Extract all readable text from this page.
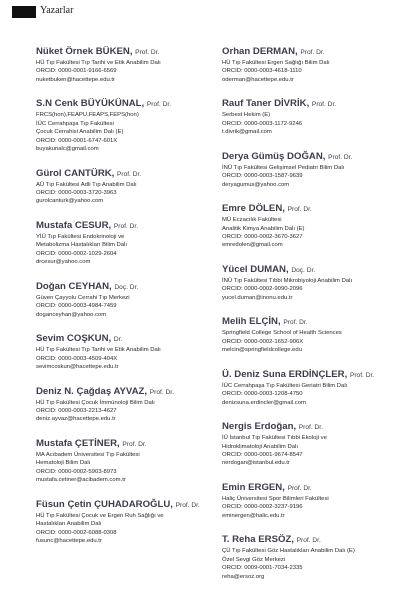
Yazarlar
Nüket Örnek BÜKEN, Prof. Dr.
HÜ Tıp Fakültesi Tıp Tarihi ve Etik Anabilim Dalı
ORCID: 0000-0001-9166-6569
nuketbuken@hacettepe.edu.tr
S.N Cenk BÜYÜKÜNAL, Prof. Dr.
FRCS(hon),FEAPU,FEAPS,FEPS(hon)
İÜC Cerrahpaşa Tıp Fakültesi
Çocuk Cerrahisi Anabilim Dalı (E)
ORCID: 0000-0001-6747-601X
buyakunalc@gmail.com
Gürol CANTÜRK, Prof. Dr.
AÜ Tıp Fakültesi Adli Tıp Anabilim Dalı
ORCID: 0000-0003-3720-3963
gurolcanturk@yahoo.com
Mustafa CESUR, Prof. Dr.
YİÜ Tıp Fakültesi Endokrinoloji ve
Metabolizma Hastalıkları Bilim Dalı
ORCID: 0000-0002-1029-2604
drcesur@yahoo.com
Doğan CEYHAN, Doç. Dr.
Güven Çayyolu Cerrahi Tıp Merkezi
ORCID: 0000-0003-4984-7459
doganceyhan@yahoo.com
Sevim COŞKUN, Dr.
HÜ Tıp Fakültesi Tıp Tarihi ve Etik Anabilim Dalı
ORCID: 0000-0003-4509-404X
sevimcoskun@hacettepe.edu.tr
Deniz N. Çağdaş AYVAZ, Prof. Dr.
HÜ Tıp Fakültesi Çocuk İmmünoloji Bilim Dalı
ORCID: 0000-0003-2213-4627
deniz.ayvaz@hacettepe.edu.tr
Mustafa ÇETİNER, Prof. Dr.
MA Acıbadem Üniversitesi Tıp Fakültesi
Hematoloji Bilim Dalı
ORCID: 0000-0002-5903-8973
mustafa.cetiner@acibadem.com.tr
Füsun Çetin ÇUHADAROĞLU, Prof. Dr.
HÜ Tıp Fakültesi Çocuk ve Ergen Ruh Sağlığı ve
Hastalıkları Anabilim Dalı
ORCID: 0000-0002-6088-0308
fusunc@hacettepe.edu.tr
Orhan DERMAN, Prof. Dr.
HÜ Tıp Fakültesi Ergen Sağlığı Bilim Dalı
ORCID: 0000-0003-4618-1110
oderman@hacettepe.edu.tr
Rauf Taner DİVRİK, Prof. Dr.
Serbest Hekim (E)
ORCID: 0000-0003-1172-9246
t.divrik@gmail.com
Derya Gümüş DOĞAN, Prof. Dr.
İNÜ Tıp Fakültesi Gelişimsel Pediatri Bilim Dalı
ORCID: 0000-0003-1587-9639
deryagumus@yahoo.com
Emre DÖLEN, Prof. Dr.
MÜ Eczacılık Fakültesi
Analitik Kimya Anabilim Dalı (E)
ORCID: 0000-0002-3670-3627
emredolen@gmail.com
Yücel DUMAN, Doç. Dr.
İNÜ Tıp Fakültesi Tıbbi Mikrobiyoloji Anabilim Dalı
ORCID: 0000-0002-9090-2096
yucel.duman@inonu.edu.tr
Melih ELÇİN, Prof. Dr.
Springfield College School of Health Sciences
ORCID: 0000-0002-1652-906X
melcin@springfieldcollege.edu
Ü. Deniz Suna ERDİNÇLER, Prof. Dr.
İÜC Cerrahpaşa Tıp Fakültesi Geriatri Bilim Dalı
ORCID: 0000-0003-1208-4750
denizsuna.erdincler@gmail.com
Nergis Erdoğan, Prof. Dr.
İÜ İstanbul Tıp Fakültesi Tıbbi Ekoloji ve
Hidroklimatoloji Anabilim Dalı
ORCID: 0000-0001-9674-8547
nerdogan@istanbul.edu.tr
Emin ERGEN, Prof. Dr.
Haliç Üniversitesi Spor Bilimleri Fakültesi
ORCID: 0000-0002-3237-9196
eminergen@halic.edu.tr
T. Reha ERSÖZ, Prof. Dr.
ÇÜ Tıp Fakültesi Göz Hastalıkları Anabilim Dalı (E)
Özel Sevgi Göz Merkezi
ORCID: 0009-0001-7034-2335
reha@ersoz.org
